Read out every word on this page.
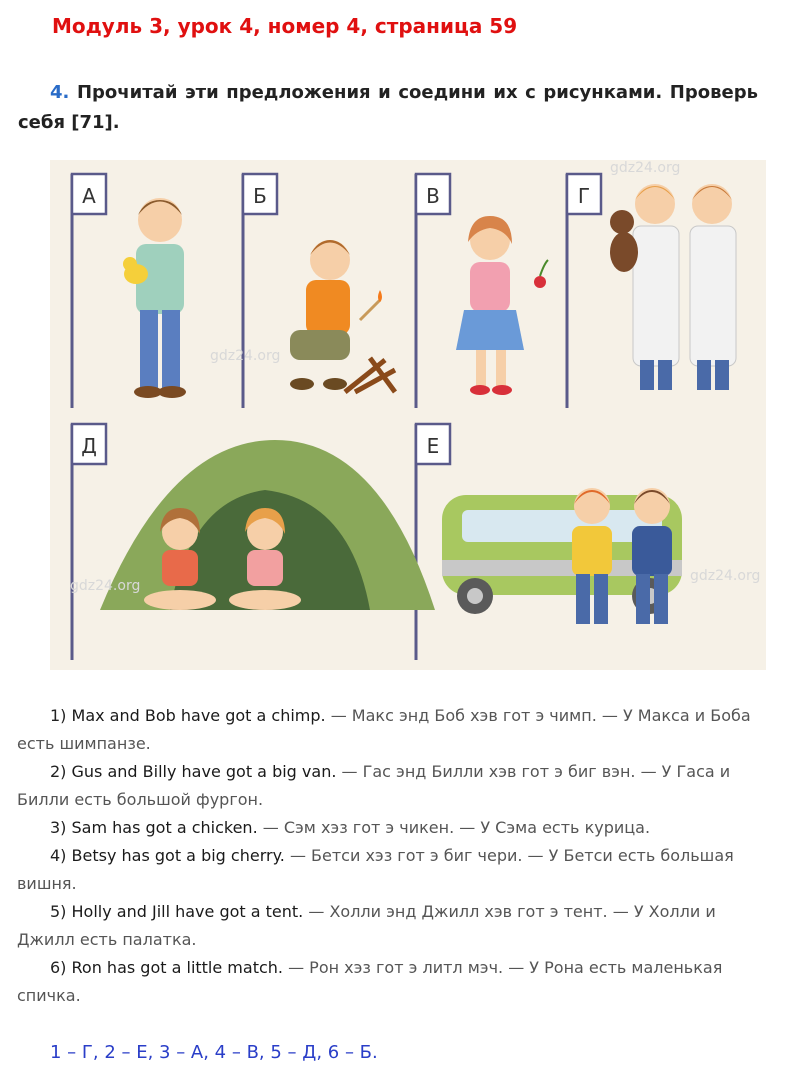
Модуль 3, урок 4, номер 4, страница 59
4. Прочитай эти предложения и соедини их с рисунками. Проверь себя [71].
А	Б	В	Г
Д	Е
gdz24.org
gdz24.org
gdz24.org
gdz24.org

1) Max and Bob have got a chimp. — Макс энд Боб хэв гот э чимп. — У Макса и Боба есть шимпанзе.

2) Gus and Billy have got a big van. — Гас энд Билли хэв гот э биг вэн. — У Гаса и Билли есть большой фургон.

3) Sam has got a chicken. — Сэм хэз гот э чикен. — У Сэма есть курица.

4) Betsy has got a big cherry. — Бетси хэз гот э биг чери. — У Бетси есть большая вишня.

5) Holly and Jill have got a tent. — Холли энд Джилл хэв гот э тент. — У Холли и Джилл есть палатка.

6) Ron has got a little match. — Рон хэз гот э литл мэч. — У Рона есть маленькая спичка.

1 – Г, 2 – Е, 3 – А, 4 – В, 5 – Д, 6 – Б.
